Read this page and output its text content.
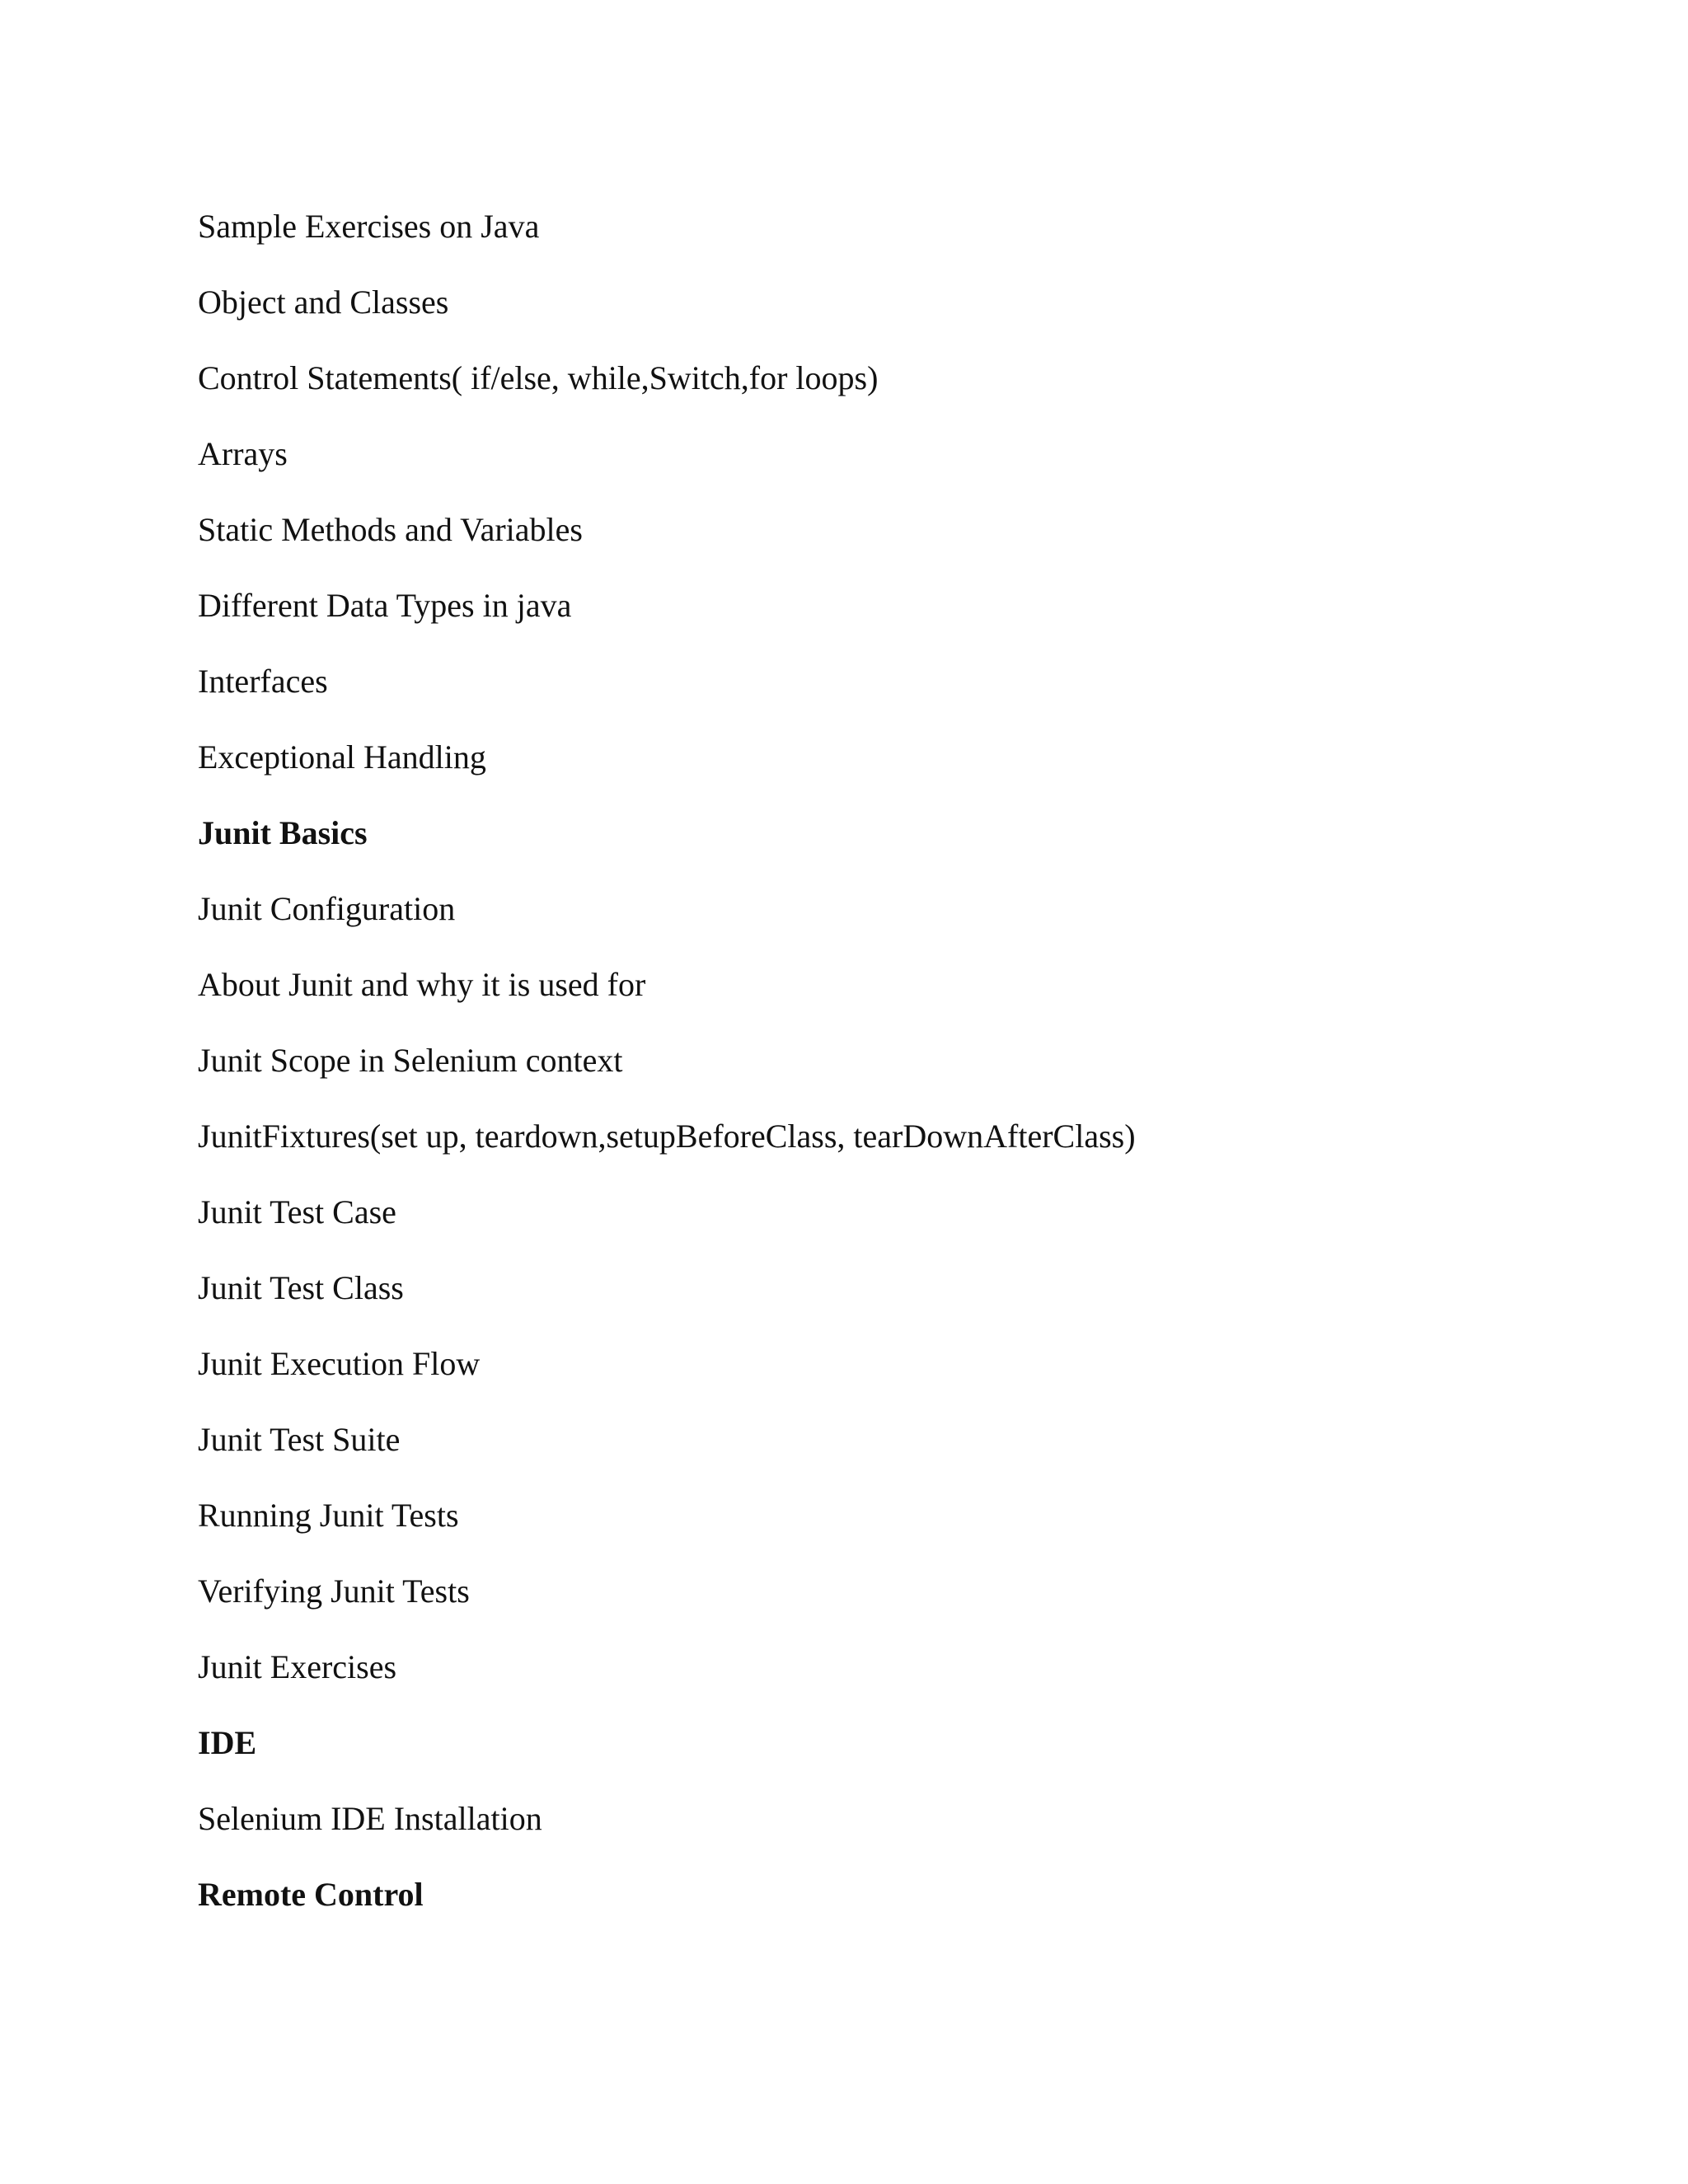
Sample Exercises on Java
Object and Classes
Control Statements( if/else, while,Switch,for loops)
Arrays
Static Methods and Variables
Different Data Types in java
Interfaces
Exceptional Handling
Junit Basics
Junit Configuration
About Junit and why it is used for
Junit Scope in Selenium context
JunitFixtures(set up, teardown,setupBeforeClass, tearDownAfterClass)
Junit Test Case
Junit Test Class
Junit Execution Flow
Junit Test Suite
Running Junit Tests
Verifying Junit Tests
Junit Exercises
IDE
Selenium IDE Installation
Remote Control
